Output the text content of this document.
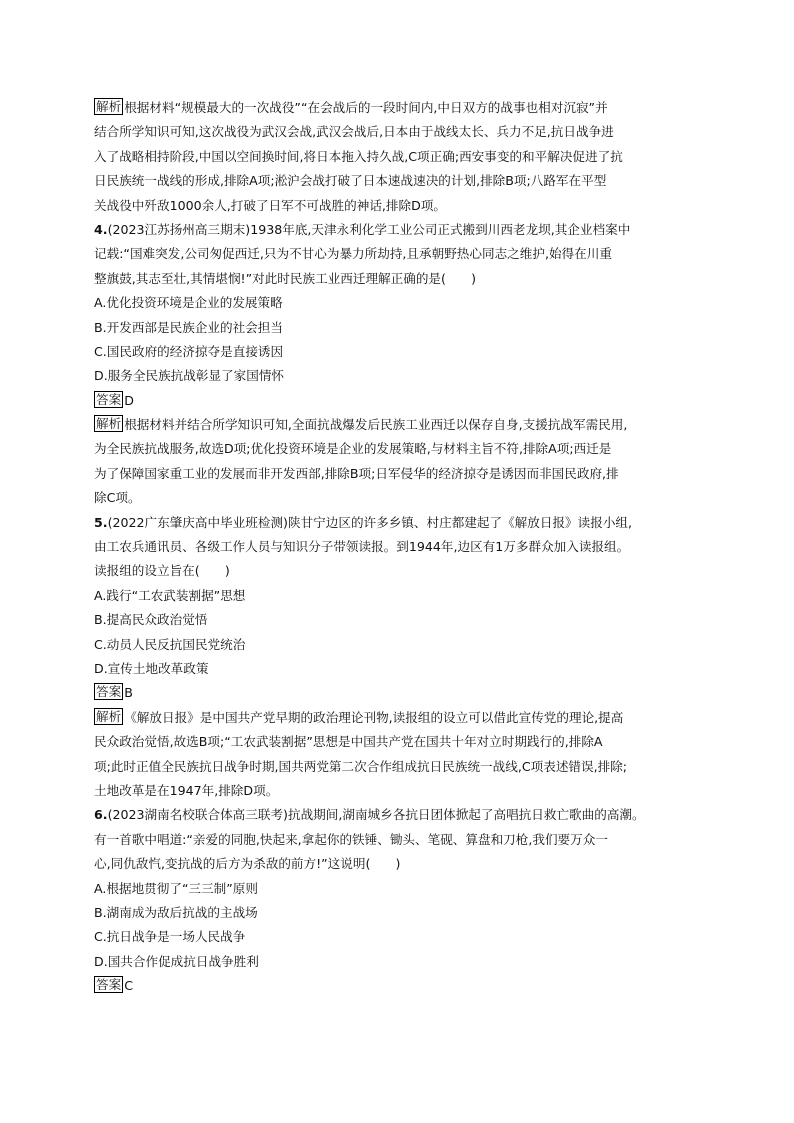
解析 根据材料“规模最大的一次战役”“在会战后的一段时间内,中日双方的战事也相对沉寂”并
结合所学知识可知,这次战役为武汉会战,武汉会战后,日本由于战线太长、兵力不足,抗日战争进
入了战略相持阶段,中国以空间换时间,将日本拖入持久战,C项正确;西安事变的和平解决促进了抗
日民族统一战线的形成,排除A项;淞沪会战打破了日本速战速决的计划,排除B项;八路军在平型
关战役中歼敌1000余人,打破了日军不可战胜的神话,排除D项。
4.(2023江苏扬州高三期末)1938年底,天津永利化学工业公司正式搬到川西老龙坝,其企业档案中
记载:“国难突发,公司匆促西迁,只为不甘心为暴力所劫持,且承朝野热心同志之维护,始得在川重
整旗鼓,其志至壮,其情堪悯!”对此时民族工业西迁理解正确的是(　　)
A.优化投资环境是企业的发展策略
B.开发西部是民族企业的社会担当
C.国民政府的经济掠夺是直接诱因
D.服务全民族抗战彰显了家国情怀
答案 D
解析 根据材料并结合所学知识可知,全面抗战爆发后民族工业西迁以保存自身,支援抗战军需民用,
为全民族抗战服务,故选D项;优化投资环境是企业的发展策略,与材料主旨不符,排除A项;西迁是
为了保障国家重工业的发展而非开发西部,排除B项;日军侵华的经济掠夺是诱因而非国民政府,排
除C项。
5.(2022广东肇庆高中毕业班检测)陕甘宁边区的许多乡镇、村庄都建起了《解放日报》读报小组,
由工农兵通讯员、各级工作人员与知识分子带领读报。到1944年,边区有1万多群众加入读报组。
读报组的设立旨在(　　)
A.践行“工农武装割据”思想
B.提高民众政治觉悟
C.动员人民反抗国民党统治
D.宣传土地改革政策
答案 B
解析 《解放日报》是中国共产党早期的政治理论刊物,读报组的设立可以借此宣传党的理论,提高
民众政治觉悟,故选B项;“工农武装割据”思想是中国共产党在国共十年对立时期践行的,排除A
项;此时正值全民族抗日战争时期,国共两党第二次合作组成抗日民族统一战线,C项表述错误,排除;
土地改革是在1947年,排除D项。
6.(2023湖南名校联合体高三联考)抗战期间,湖南城乡各抗日团体掀起了高唱抗日救亡歌曲的高潮。
有一首歌中唱道:“亲爱的同胞,快起来,拿起你的铁锤、锄头、笔砚、算盘和刀枪,我们要万众一
心,同仇敌忾,变抗战的后方为杀敌的前方!”这说明(　　)
A.根据地贯彻了“三三制”原则
B.湖南成为敌后抗战的主战场
C.抗日战争是一场人民战争
D.国共合作促成抗日战争胜利
答案 C
